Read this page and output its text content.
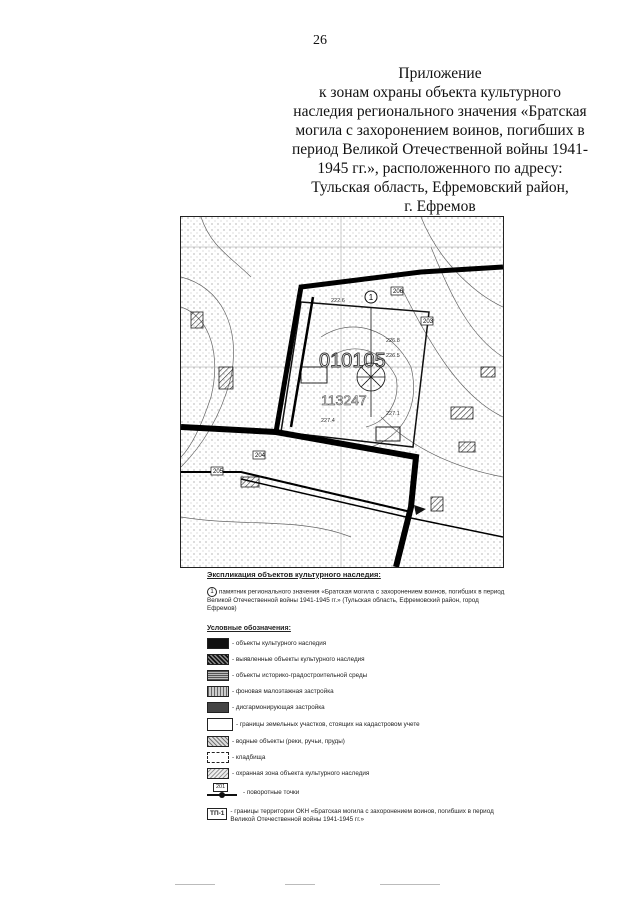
26
Приложение
к зонам охраны объекта культурного
наследия регионального значения «Братская
могила с захоронением воинов, погибших в
период Великой Отечественной войны 1941-
1945 гг.», расположенного по адресу:
Тульская область, Ефремовский район,
г. Ефремов
1
010105
113247
203
204
205
206
222.6
226.8
227.4
227.1
226.5
Экспликация объектов культурного наследия:
1 памятник регионального значения «Братская могила с захоронением воинов, погибших в период Великой Отечественной войны 1941-1945 гг.» (Тульская область, Ефремовский район, город Ефремов)
Условные обозначения:
- объекты культурного наследия
- выявленные объекты культурного наследия
- объекты историко-градостроительной среды
- фоновая малоэтажная застройка
- дисгармонирующая застройка
- границы земельных участков, стоящих на кадастровом учете
- водные объекты (реки, ручьи, пруды)
- кладбища
- охранная зона объекта культурного наследия
201
- поворотные точки
ТП-1 - границы территории ОКН «Братская могила с захоронением воинов, погибших в период Великой Отечественной войны 1941-1945 гг.»
